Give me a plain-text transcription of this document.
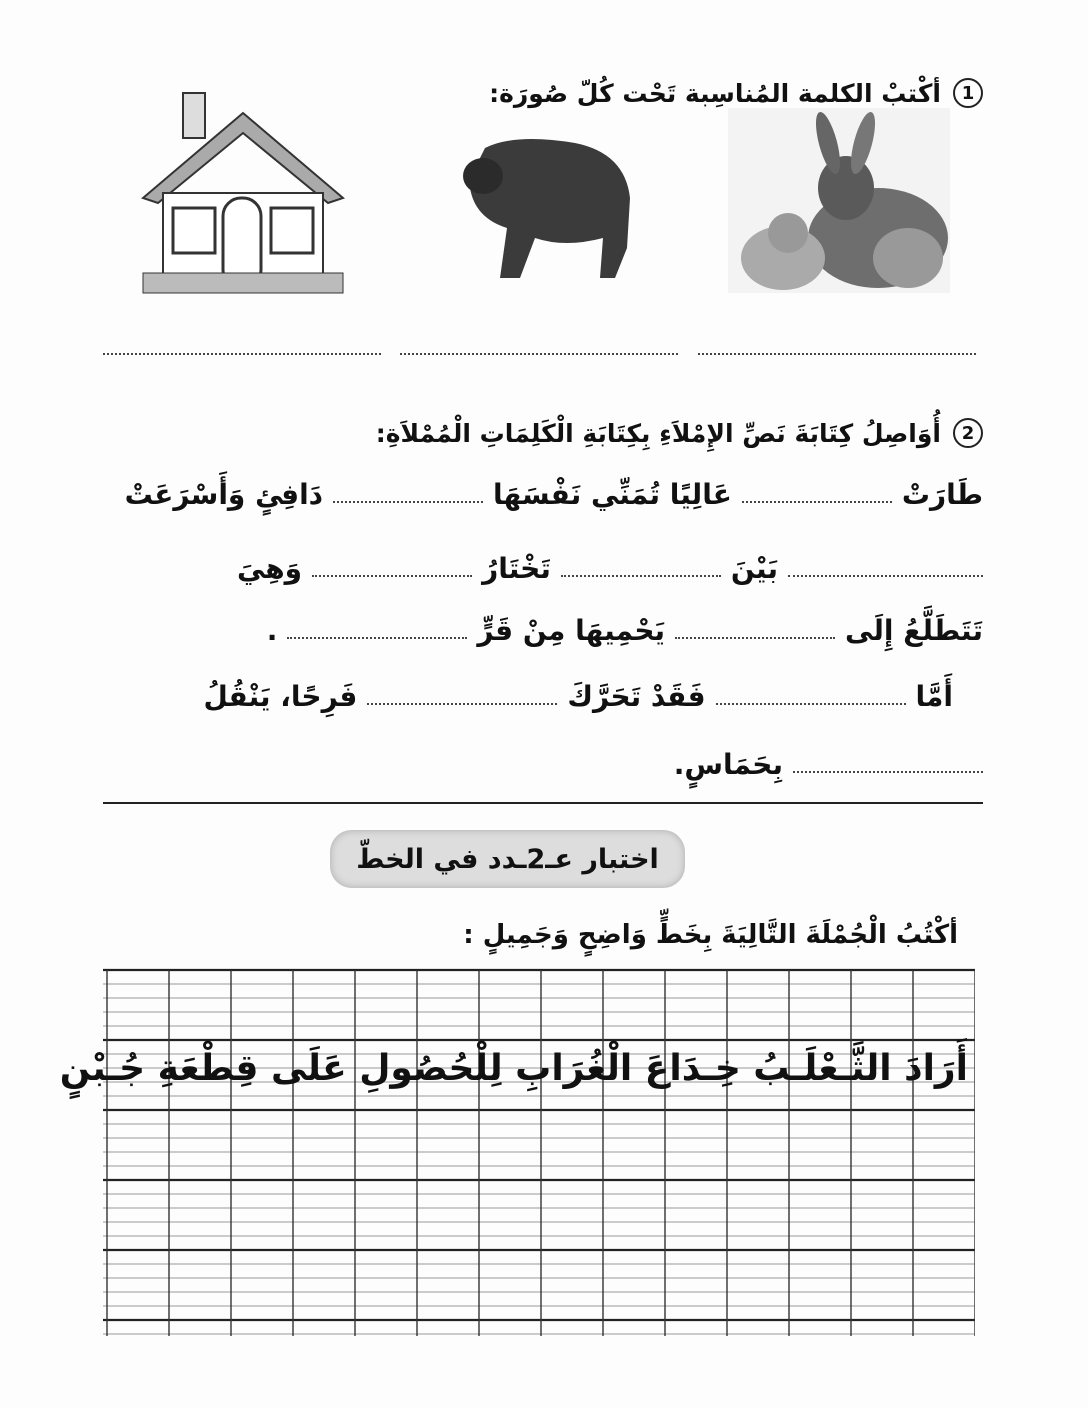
1
أكْتبْ الكلمة المُناسِبة تَحْت كُلّ صُورَة:
2
أُوَاصِلُ كِتَابَةَ نَصِّ الإِمْلاَءِ بِكِتَابَةِ الْكَلِمَاتِ الْمُمْلاَةِ:
طَارَتْ
عَالِيًا تُمَنِّي نَفْسَهَا
دَافِئٍ وَأَسْرَعَتْ
بَيْنَ
تَخْتَارُ
وَهِيَ
تَتَطَلَّعُ إِلَى
يَحْمِيهَا مِنْ قَرٍّ
.
أَمَّا
فَقَدْ تَحَرَّكَ
فَرِحًا، يَنْقُلُ
بِحَمَاسٍ.
اختبار عـ2ـدد في الخطّ
أكْتُبُ الْجُمْلَةَ التَّالِيَةَ بِخَطٍّ وَاضِحٍ وَجَمِيلٍ :
أَرَادَ الثَّـعْلَـبُ خِـدَاعَ الْغُرَابِ لِلْحُصُولِ عَلَى قِطْعَةِ جُـبْنٍ
